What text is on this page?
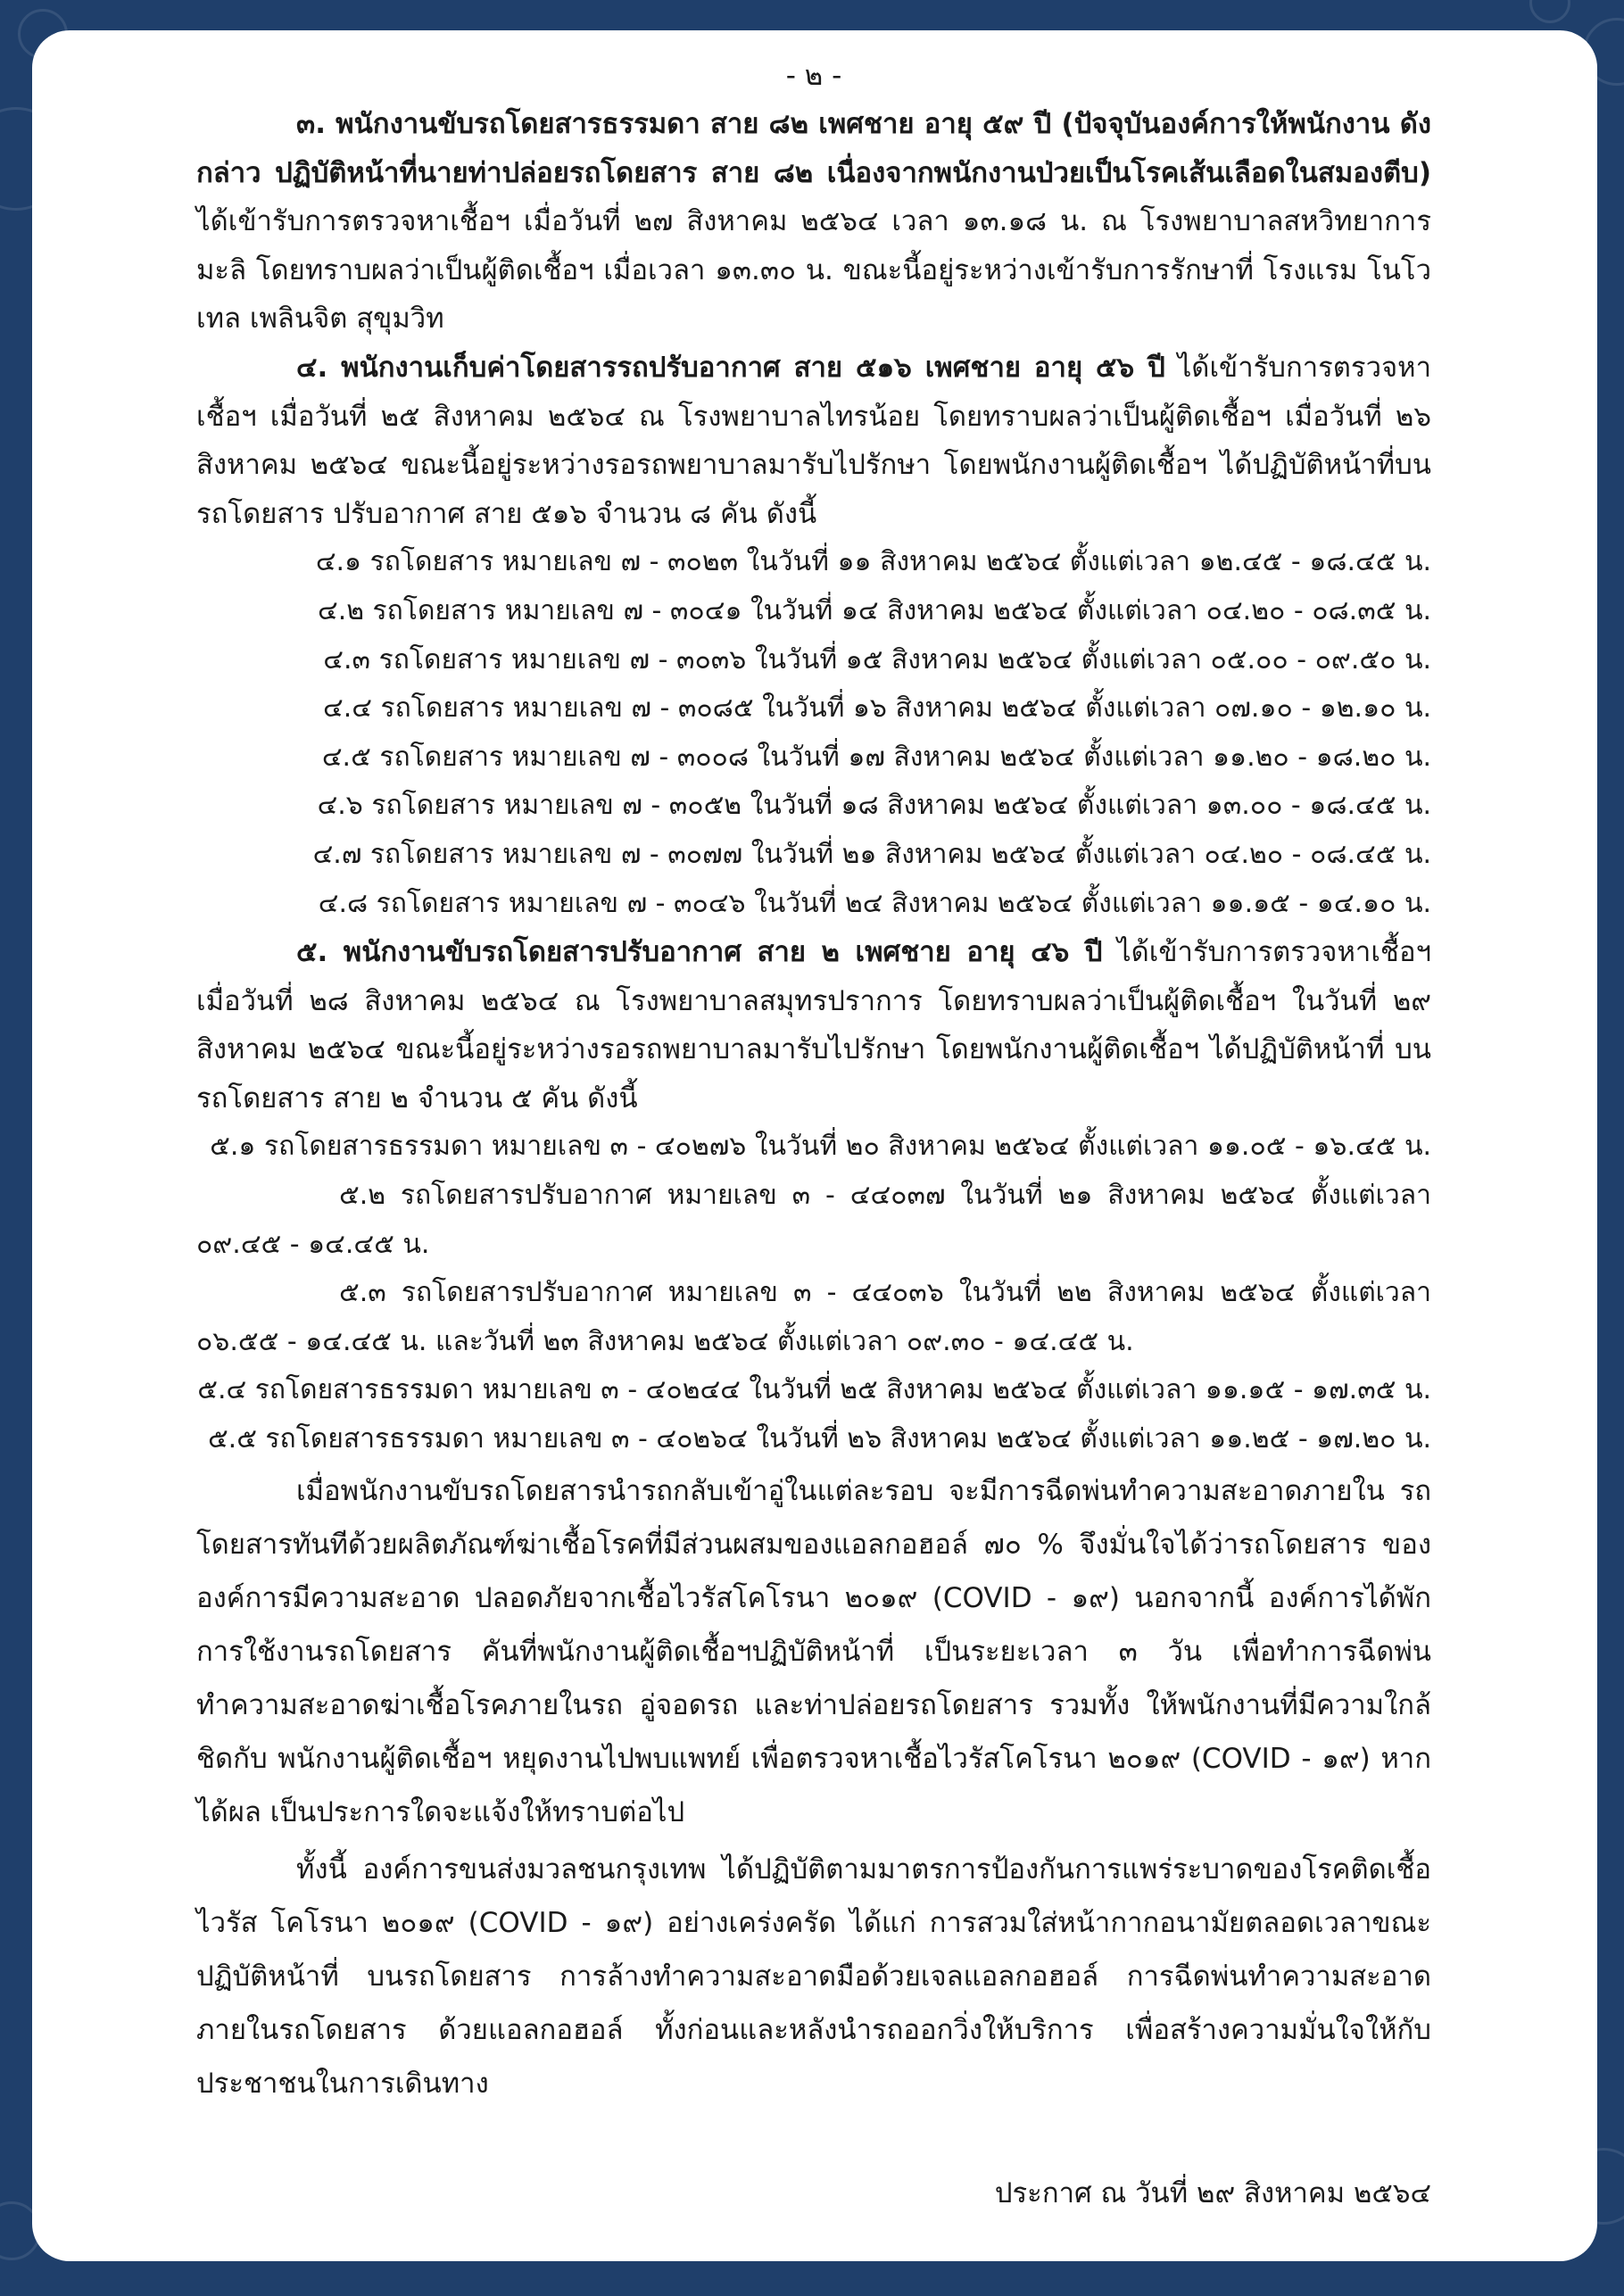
- ๒ -

๓. พนักงานขับรถโดยสารธรรมดา สาย ๘๒ เพศชาย อายุ ๕๙ ปี (ปัจจุบันองค์การให้พนักงาน ดังกล่าว ปฏิบัติหน้าที่นายท่าปล่อยรถโดยสาร สาย ๘๒ เนื่องจากพนักงานป่วยเป็นโรคเส้นเลือดในสมองตีบ) ได้เข้ารับการตรวจหาเชื้อฯ เมื่อวันที่ ๒๗ สิงหาคม ๒๕๖๔ เวลา ๑๓.๑๘ น. ณ โรงพยาบาลสหวิทยาการมะลิ โดยทราบผลว่าเป็นผู้ติดเชื้อฯ เมื่อเวลา ๑๓.๓๐ น. ขณะนี้อยู่ระหว่างเข้ารับการรักษาที่ โรงแรม โนโวเทล เพลินจิต สุขุมวิท

๔. พนักงานเก็บค่าโดยสารรถปรับอากาศ สาย ๕๑๖ เพศชาย อายุ ๕๖ ปี ได้เข้ารับการตรวจหาเชื้อฯ เมื่อวันที่ ๒๕ สิงหาคม ๒๕๖๔ ณ โรงพยาบาลไทรน้อย โดยทราบผลว่าเป็นผู้ติดเชื้อฯ เมื่อวันที่ ๒๖ สิงหาคม ๒๕๖๔ ขณะนี้อยู่ระหว่างรอรถพยาบาลมารับไปรักษา โดยพนักงานผู้ติดเชื้อฯ ได้ปฏิบัติหน้าที่บนรถโดยสาร ปรับอากาศ สาย ๕๑๖ จำนวน ๘ คัน ดังนี้

๔.๑ รถโดยสาร หมายเลข ๗ - ๓๐๒๓ ในวันที่ ๑๑ สิงหาคม ๒๕๖๔ ตั้งแต่เวลา ๑๒.๔๕ - ๑๘.๔๕ น.
๔.๒ รถโดยสาร หมายเลข ๗ - ๓๐๔๑ ในวันที่ ๑๔ สิงหาคม ๒๕๖๔ ตั้งแต่เวลา ๐๔.๒๐ - ๐๘.๓๕ น.
๔.๓ รถโดยสาร หมายเลข ๗ - ๓๐๓๖ ในวันที่ ๑๕ สิงหาคม ๒๕๖๔ ตั้งแต่เวลา ๐๕.๐๐ - ๐๙.๕๐ น.
๔.๔ รถโดยสาร หมายเลข ๗ - ๓๐๘๕ ในวันที่ ๑๖ สิงหาคม ๒๕๖๔ ตั้งแต่เวลา ๐๗.๑๐ - ๑๒.๑๐ น.
๔.๕ รถโดยสาร หมายเลข ๗ - ๓๐๐๘ ในวันที่ ๑๗ สิงหาคม ๒๕๖๔ ตั้งแต่เวลา ๑๑.๒๐ - ๑๘.๒๐ น.
๔.๖ รถโดยสาร หมายเลข ๗ - ๓๐๕๒ ในวันที่ ๑๘ สิงหาคม ๒๕๖๔ ตั้งแต่เวลา ๑๓.๐๐ - ๑๘.๔๕ น.
๔.๗ รถโดยสาร หมายเลข ๗ - ๓๐๗๗ ในวันที่ ๒๑ สิงหาคม ๒๕๖๔ ตั้งแต่เวลา ๐๔.๒๐ - ๐๘.๔๕ น.
๔.๘ รถโดยสาร หมายเลข ๗ - ๓๐๔๖ ในวันที่ ๒๔ สิงหาคม ๒๕๖๔ ตั้งแต่เวลา ๑๑.๑๕ - ๑๔.๑๐ น.

๕. พนักงานขับรถโดยสารปรับอากาศ สาย ๒ เพศชาย อายุ ๔๖ ปี ได้เข้ารับการตรวจหาเชื้อฯ เมื่อวันที่ ๒๘ สิงหาคม ๒๕๖๔ ณ โรงพยาบาลสมุทรปราการ โดยทราบผลว่าเป็นผู้ติดเชื้อฯ ในวันที่ ๒๙ สิงหาคม ๒๕๖๔ ขณะนี้อยู่ระหว่างรอรถพยาบาลมารับไปรักษา โดยพนักงานผู้ติดเชื้อฯ ได้ปฏิบัติหน้าที่ บนรถโดยสาร สาย ๒ จำนวน ๕ คัน ดังนี้

๕.๑ รถโดยสารธรรมดา หมายเลข ๓ - ๔๐๒๗๖ ในวันที่ ๒๐ สิงหาคม ๒๕๖๔ ตั้งแต่เวลา ๑๑.๐๕ - ๑๖.๔๕ น.

๕.๒ รถโดยสารปรับอากาศ หมายเลข ๓ - ๔๔๐๓๗ ในวันที่ ๒๑ สิงหาคม ๒๕๖๔ ตั้งแต่เวลา ๐๙.๔๕ - ๑๔.๔๕ น.

๕.๓ รถโดยสารปรับอากาศ หมายเลข ๓ - ๔๔๐๓๖ ในวันที่ ๒๒ สิงหาคม ๒๕๖๔ ตั้งแต่เวลา ๐๖.๕๕ - ๑๔.๔๕ น. และวันที่ ๒๓ สิงหาคม ๒๕๖๔ ตั้งแต่เวลา ๐๙.๓๐ - ๑๔.๔๕ น.

๕.๔ รถโดยสารธรรมดา หมายเลข ๓ - ๔๐๒๔๔ ในวันที่ ๒๕ สิงหาคม ๒๕๖๔ ตั้งแต่เวลา ๑๑.๑๕ - ๑๗.๓๕ น.
๕.๕ รถโดยสารธรรมดา หมายเลข ๓ - ๔๐๒๖๔ ในวันที่ ๒๖ สิงหาคม ๒๕๖๔ ตั้งแต่เวลา ๑๑.๒๕ - ๑๗.๒๐ น.

เมื่อพนักงานขับรถโดยสารนำรถกลับเข้าอู่ในแต่ละรอบ จะมีการฉีดพ่นทำความสะอาดภายใน รถโดยสารทันทีด้วยผลิตภัณฑ์ฆ่าเชื้อโรคที่มีส่วนผสมของแอลกอฮอล์ ๗๐ % จึงมั่นใจได้ว่ารถโดยสาร ขององค์การมีความสะอาด ปลอดภัยจากเชื้อไวรัสโคโรนา ๒๐๑๙ (COVID - ๑๙) นอกจากนี้ องค์การได้พัก การใช้งานรถโดยสาร คันที่พนักงานผู้ติดเชื้อฯปฏิบัติหน้าที่ เป็นระยะเวลา ๓ วัน เพื่อทำการฉีดพ่น ทำความสะอาดฆ่าเชื้อโรคภายในรถ อู่จอดรถ และท่าปล่อยรถโดยสาร รวมทั้ง ให้พนักงานที่มีความใกล้ชิดกับ พนักงานผู้ติดเชื้อฯ หยุดงานไปพบแพทย์ เพื่อตรวจหาเชื้อไวรัสโคโรนา ๒๐๑๙ (COVID - ๑๙) หากได้ผล เป็นประการใดจะแจ้งให้ทราบต่อไป

ทั้งนี้ องค์การขนส่งมวลชนกรุงเทพ ได้ปฏิบัติตามมาตรการป้องกันการแพร่ระบาดของโรคติดเชื้อไวรัส โคโรนา ๒๐๑๙ (COVID - ๑๙) อย่างเคร่งครัด ได้แก่ การสวมใส่หน้ากากอนามัยตลอดเวลาขณะปฏิบัติหน้าที่ บนรถโดยสาร การล้างทำความสะอาดมือด้วยเจลแอลกอฮอล์ การฉีดพ่นทำความสะอาดภายในรถโดยสาร ด้วยแอลกอฮอล์ ทั้งก่อนและหลังนำรถออกวิ่งให้บริการ เพื่อสร้างความมั่นใจให้กับประชาชนในการเดินทาง

ประกาศ ณ วันที่ ๒๙ สิงหาคม ๒๕๖๔
